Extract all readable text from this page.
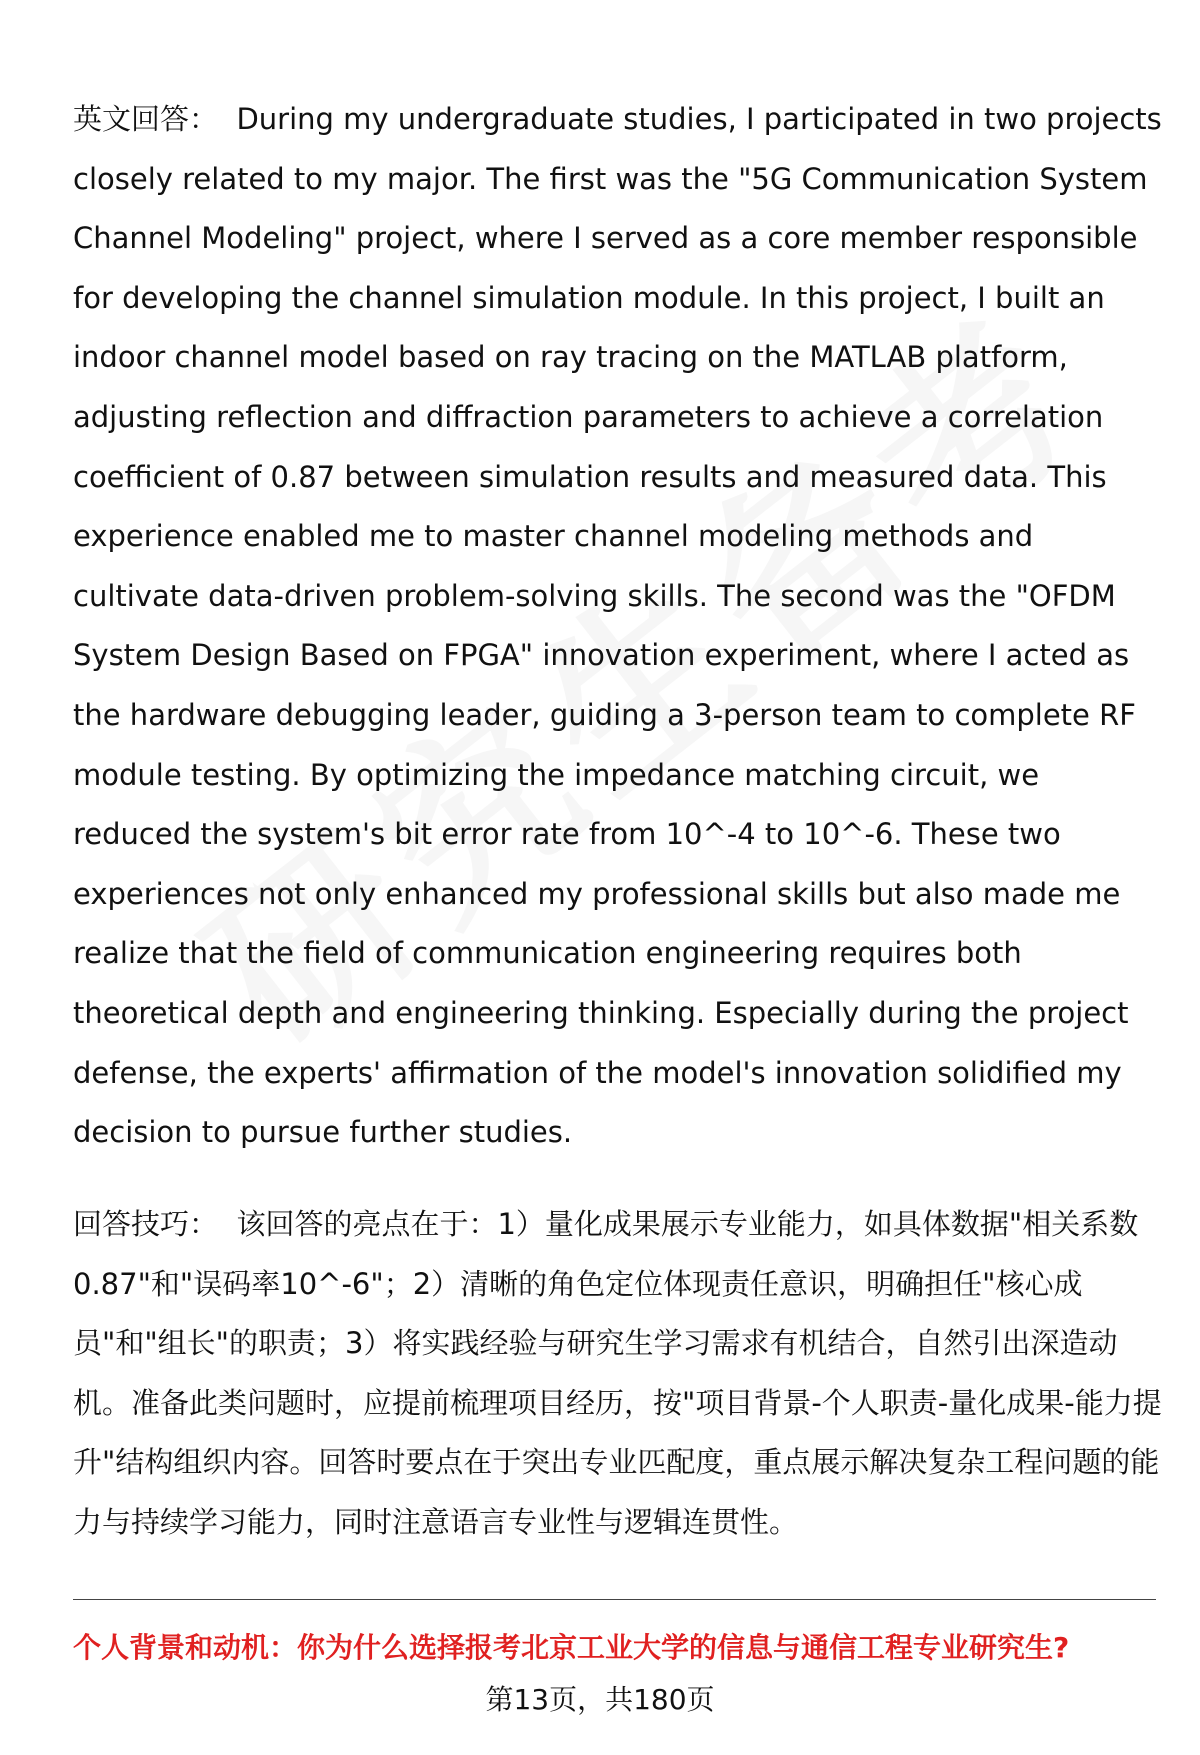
英文回答： During my undergraduate studies, I participated in two projects closely related to my major. The first was the "5G Communication System Channel Modeling" project, where I served as a core member responsible for developing the channel simulation module. In this project, I built an indoor channel model based on ray tracing on the MATLAB platform, adjusting reflection and diffraction parameters to achieve a correlation coefficient of 0.87 between simulation results and measured data. This experience enabled me to master channel modeling methods and cultivate data-driven problem-solving skills. The second was the "OFDM System Design Based on FPGA" innovation experiment, where I acted as the hardware debugging leader, guiding a 3-person team to complete RF module testing. By optimizing the impedance matching circuit, we reduced the system's bit error rate from 10^-4 to 10^-6. These two experiences not only enhanced my professional skills but also made me realize that the field of communication engineering requires both theoretical depth and engineering thinking. Especially during the project defense, the experts' affirmation of the model's innovation solidified my decision to pursue further studies.

回答技巧： 该回答的亮点在于：1）量化成果展示专业能力，如具体数据"相关系数0.87"和"误码率10^-6"；2）清晰的角色定位体现责任意识，明确担任"核心成员"和"组长"的职责；3）将实践经验与研究生学习需求有机结合，自然引出深造动机。准备此类问题时，应提前梳理项目经历，按"项目背景-个人职责-量化成果-能力提升"结构组织内容。回答时要点在于突出专业匹配度，重点展示解决复杂工程问题的能力与持续学习能力，同时注意语言专业性与逻辑连贯性。

个人背景和动机：你为什么选择报考北京工业大学的信息与通信工程专业研究生?

第13页，共180页
